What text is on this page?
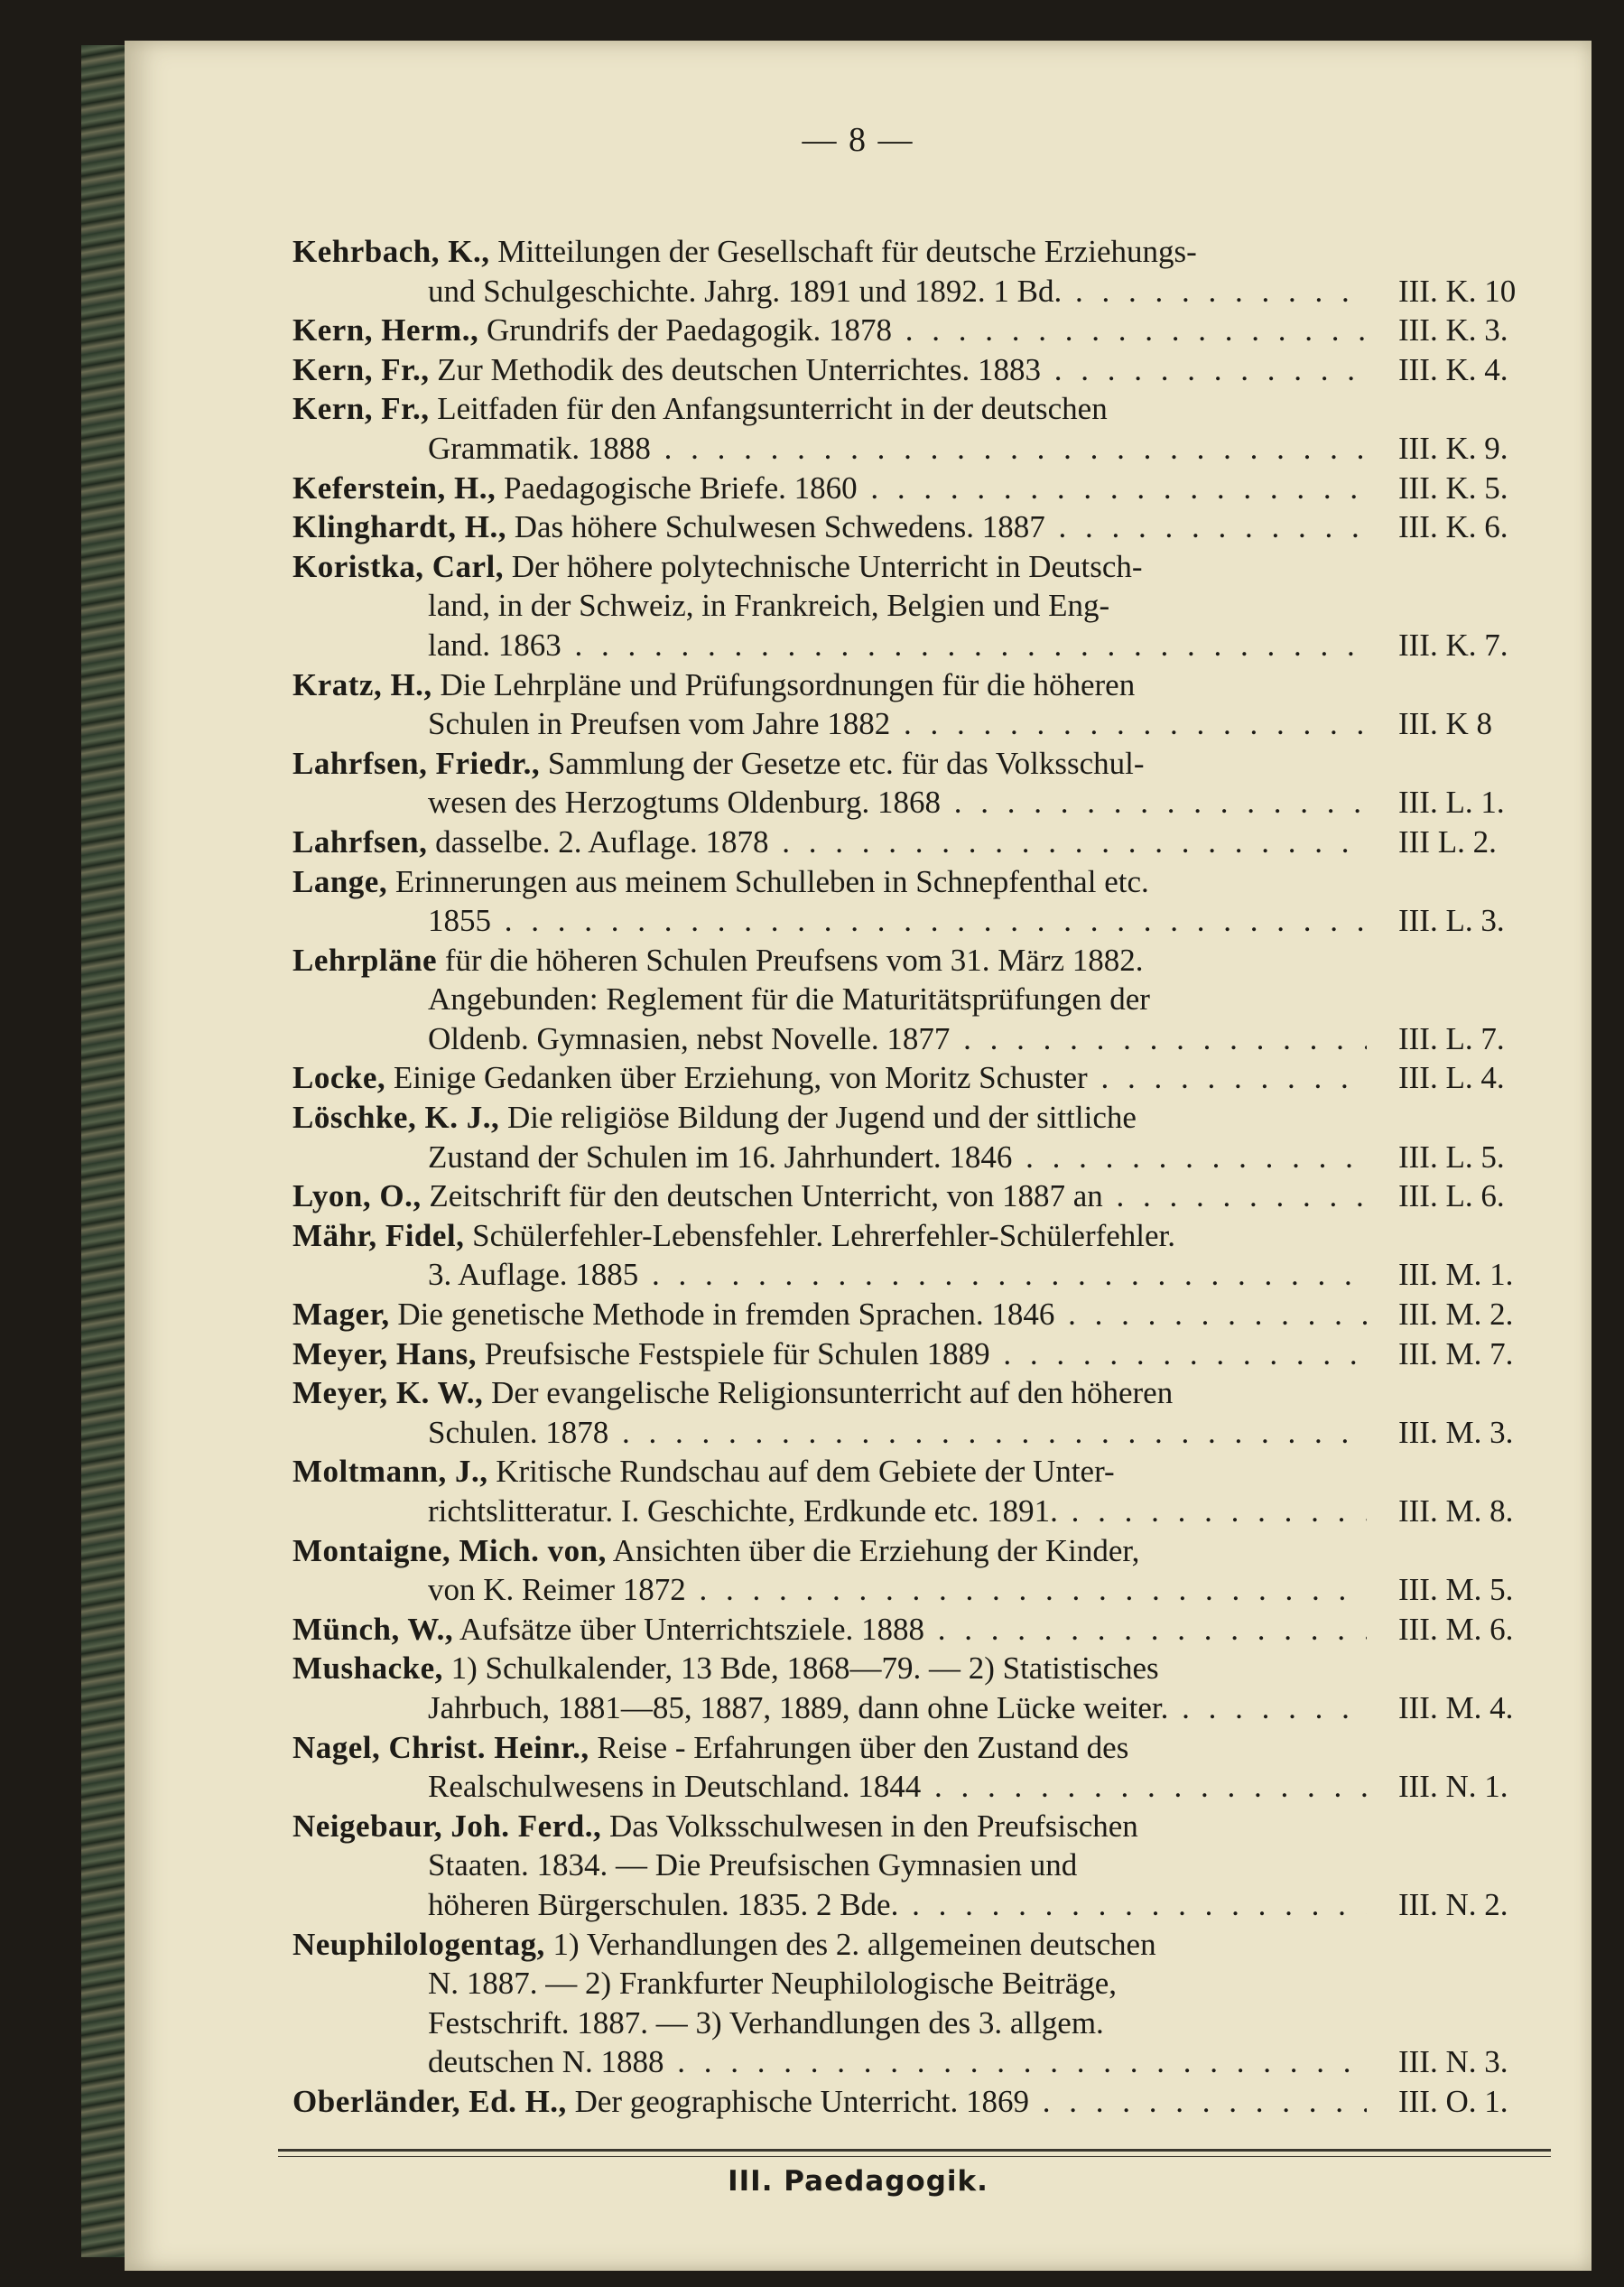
— 8 —
Kehrbach, K., Mitteilungen der Gesellschaft für deutsche Erziehungs-
und Schulgeschichte. Jahrg. 1891 und 1892. 1 Bd. . . .	III. K. 10
Kern, Herm., Grundrifs der Paedagogik. 1878 . . .	III. K. 3.
Kern, Fr., Zur Methodik des deutschen Unterrichtes. 1883 . . .	III. K. 4.
Kern, Fr., Leitfaden für den Anfangsunterricht in der deutschen
Grammatik. 1888 . . .	III. K. 9.
Keferstein, H., Paedagogische Briefe. 1860 . . .	III. K. 5.
Klinghardt, H., Das höhere Schulwesen Schwedens. 1887 . . .	III. K. 6.
Koristka, Carl, Der höhere polytechnische Unterricht in Deutsch-
land, in der Schweiz, in Frankreich, Belgien und Eng-
land. 1863 . . .	III. K. 7.
Kratz, H., Die Lehrpläne und Prüfungsordnungen für die höheren
Schulen in Preufsen vom Jahre 1882 . . .	III. K 8
Lahrfsen, Friedr., Sammlung der Gesetze etc. für das Volksschul-
wesen des Herzogtums Oldenburg. 1868 . . .	III. L. 1.
Lahrfsen, dasselbe. 2. Auflage. 1878 . . .	III L. 2.
Lange, Erinnerungen aus meinem Schulleben in Schnepfenthal etc.
1855 . . .	III. L. 3.
Lehrpläne für die höheren Schulen Preufsens vom 31. März 1882.
Angebunden: Reglement für die Maturitätsprüfungen der
Oldenb. Gymnasien, nebst Novelle. 1877 . . .	III. L. 7.
Locke, Einige Gedanken über Erziehung, von Moritz Schuster . . .	III. L. 4.
Löschke, K. J., Die religiöse Bildung der Jugend und der sittliche
Zustand der Schulen im 16. Jahrhundert. 1846 . . .	III. L. 5.
Lyon, O., Zeitschrift für den deutschen Unterricht, von 1887 an . . .	III. L. 6.
Mähr, Fidel, Schülerfehler-Lebensfehler. Lehrerfehler-Schülerfehler.
3. Auflage. 1885 . . .	III. M. 1.
Mager, Die genetische Methode in fremden Sprachen. 1846 . . .	III. M. 2.
Meyer, Hans, Preufsische Festspiele für Schulen 1889 . . .	III. M. 7.
Meyer, K. W., Der evangelische Religionsunterricht auf den höheren
Schulen. 1878 . . .	III. M. 3.
Moltmann, J., Kritische Rundschau auf dem Gebiete der Unter-
richtslitteratur. I. Geschichte, Erdkunde etc. 1891. . . .	III. M. 8.
Montaigne, Mich. von, Ansichten über die Erziehung der Kinder,
von K. Reimer 1872 . . .	III. M. 5.
Münch, W., Aufsätze über Unterrichtsziele. 1888 . . .	III. M. 6.
Mushacke, 1) Schulkalender, 13 Bde, 1868—79. — 2) Statistisches
Jahrbuch, 1881—85, 1887, 1889, dann ohne Lücke weiter. . . .	III. M. 4.
Nagel, Christ. Heinr., Reise - Erfahrungen über den Zustand des
Realschulwesens in Deutschland. 1844 . . .	III. N. 1.
Neigebaur, Joh. Ferd., Das Volksschulwesen in den Preufsischen
Staaten. 1834. — Die Preufsischen Gymnasien und
höheren Bürgerschulen. 1835. 2 Bde. . . .	III. N. 2.
Neuphilologentag, 1) Verhandlungen des 2. allgemeinen deutschen
N. 1887. — 2) Frankfurter Neuphilologische Beiträge,
Festschrift. 1887. — 3) Verhandlungen des 3. allgem.
deutschen N. 1888 . . .	III. N. 3.
Oberländer, Ed. H., Der geographische Unterricht. 1869 . . .	III. O. 1.
III. Paedagogik.
